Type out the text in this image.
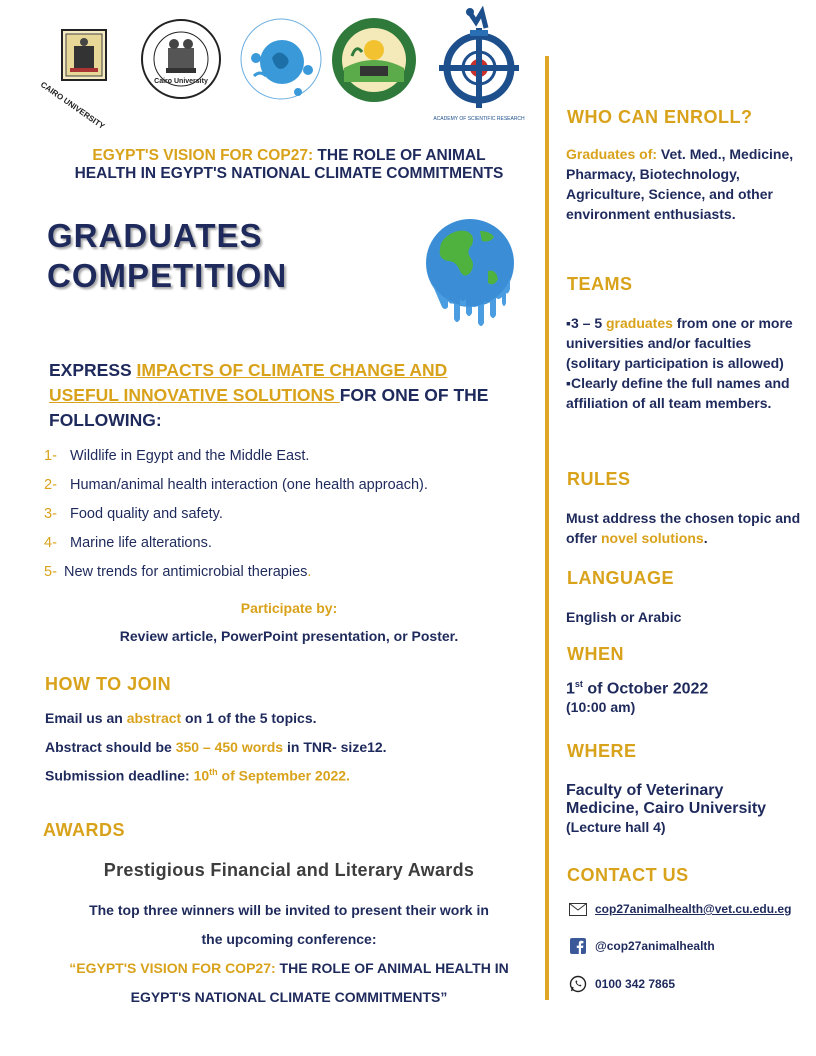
CAIRO UNIVERSITY	Cairo University
ACADEMY OF SCIENTIFIC RESEARCH
EGYPT'S VISION FOR COP27: THE ROLE OF ANIMAL
HEALTH IN EGYPT'S NATIONAL CLIMATE COMMITMENTS
GRADUATES
COMPETITION
EXPRESS IMPACTS OF CLIMATE CHANGE AND USEFUL INNOVATIVE SOLUTIONS FOR ONE OF THE FOLLOWING:
1- Wildlife in Egypt and the Middle East.
2- Human/animal health interaction (one health approach).
3- Food quality and safety.
4- Marine life alterations.
5- New trends for antimicrobial therapies .
Participate by:
Review article, PowerPoint presentation, or Poster.
HOW TO JOIN
Email us an abstract on 1 of the 5 topics.
Abstract should be 350 – 450 words in TNR- size12.
Submission deadline: 10th of September 2022.
AWARDS
Prestigious Financial and Literary Awards
The top three winners will be invited to present their work in
the upcoming conference:
“EGYPT'S VISION FOR COP27: THE ROLE OF ANIMAL HEALTH IN
EGYPT'S NATIONAL CLIMATE COMMITMENTS”
WHO CAN ENROLL?
Graduates of: Vet. Med., Medicine, Pharmacy, Biotechnology, Agriculture, Science, and other environment enthusiasts.
TEAMS
▪3 – 5 graduates from one or more universities and/or faculties (solitary participation is allowed)
▪Clearly define the full names and affiliation of all team members.
RULES
Must address the chosen topic and offer novel solutions.
LANGUAGE
English or Arabic
WHEN
1st of October 2022
(10:00 am)
WHERE
Faculty of Veterinary
Medicine, Cairo University
(Lecture hall 4)
CONTACT US
cop27animalhealth@vet.cu.edu.eg
@cop27animalhealth
0100 342 7865
